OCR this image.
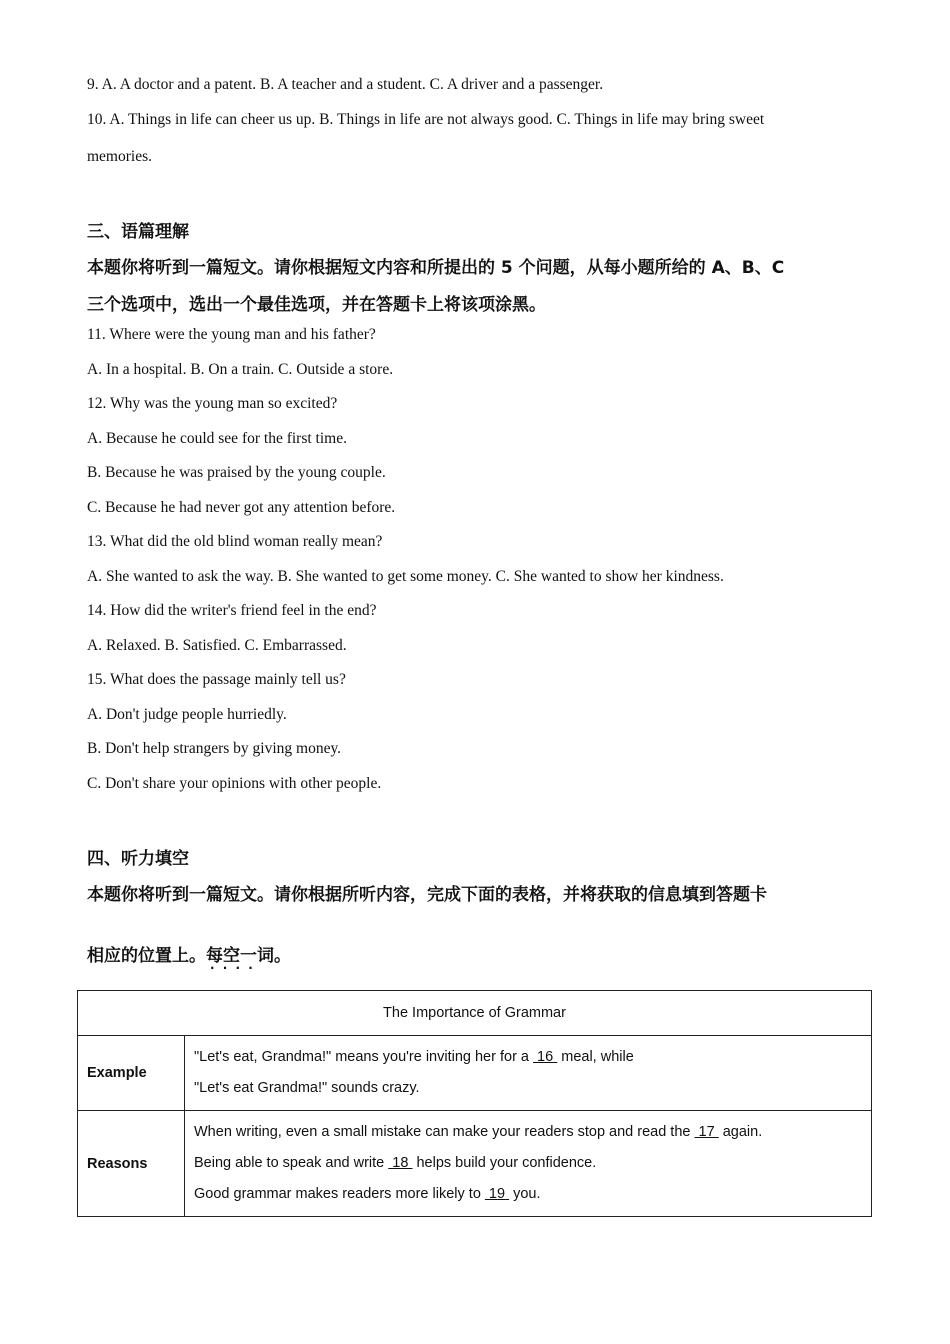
9. A. A doctor and a patent. B. A teacher and a student. C. A driver and a passenger.
10. A. Things in life can cheer us up. B. Things in life are not always good. C. Things in life may bring sweet
memories.
三、语篇理解
本题你将听到一篇短文。请你根据短文内容和所提出的 5 个问题，从每小题所给的 A、B、C
三个选项中，选出一个最佳选项，并在答题卡上将该项涂黑。
11. Where were the young man and his father?
A. In a hospital. B. On a train. C. Outside a store.
12. Why was the young man so excited?
A. Because he could see for the first time.
B. Because he was praised by the young couple.
C. Because he had never got any attention before.
13. What did the old blind woman really mean?
A. She wanted to ask the way. B. She wanted to get some money. C. She wanted to show her kindness.
14. How did the writer's friend feel in the end?
A. Relaxed. B. Satisfied. C. Embarrassed.
15. What does the passage mainly tell us?
A. Don't judge people hurriedly.
B. Don't help strangers by giving money.
C. Don't share your opinions with other people.
四、听力填空
本题你将听到一篇短文。请你根据所听内容，完成下面的表格，并将获取的信息填到答题卡
相应的位置上。每空一词 · · · ·。
The Importance of Grammar	
Example	"Let's eat, Grandma!" means you're inviting her for a  16  meal, while
"Let's eat Grandma!" sounds crazy.

Reasons	When writing, even a small mistake can make your readers stop and read the  17  again.
Being able to speak and write  18  helps build your confidence.
Good grammar makes readers more likely to  19  you.
